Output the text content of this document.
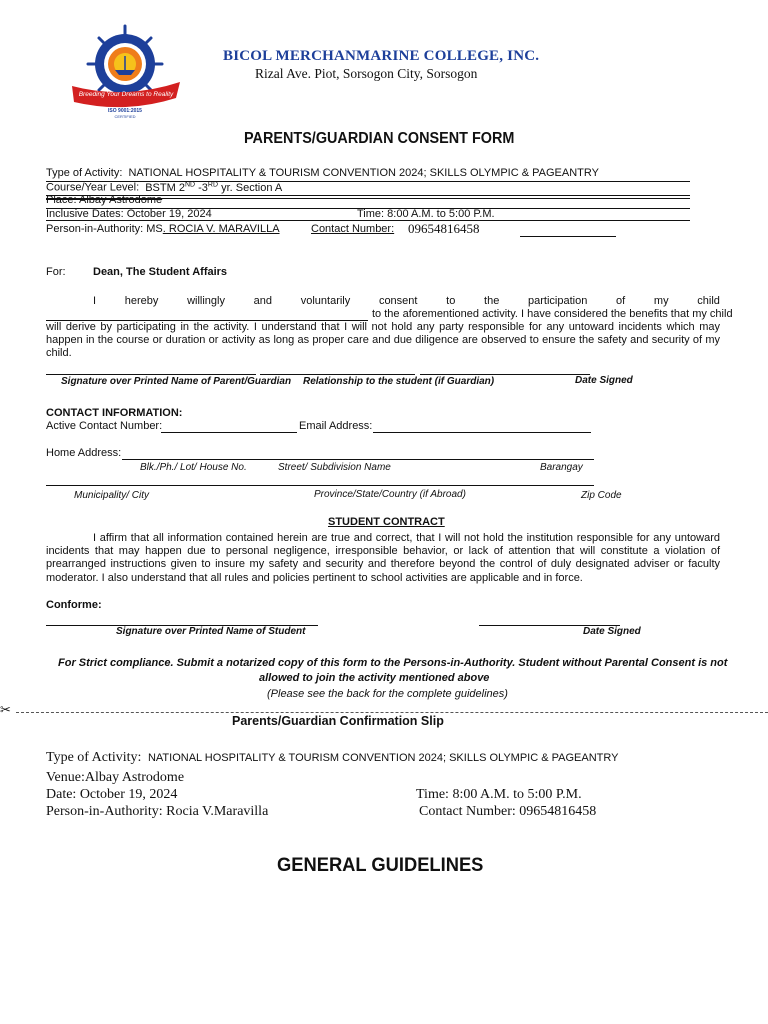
Breeding Your Dreams to Reality
ISO 9001:2015
CERTIFIED
BICOL MERCHANMARINE COLLEGE, INC.
Rizal Ave. Piot, Sorsogon City, Sorsogon
PARENTS/GUARDIAN CONSENT FORM
Type of Activity: NATIONAL HOSPITALITY & TOURISM CONVENTION 2024; SKILLS OLYMPIC & PAGEANTRY
Course/Year Level: BSTM 2ND -3RD yr. Section A
Place: Albay Astrodome
Inclusive Dates: October 19, 2024	Time: 8:00 A.M. to 5:00 P.M.
Person-in-Authority: MS. ROCIA V. MARAVILLA	Contact Number: 09654816458
For: Dean, The Student Affairs
I	hereby	willingly	and	voluntarily	consent	to	the	participation	of	my	child
to the aforementioned activity. I have considered the benefits that my child
will derive by participating in the activity. I understand that I will not hold any party responsible for any untoward incidents which may happen in the course or duration or activity as long as proper care and due diligence are observed to ensure the safety and security of my child.
Signature over Printed Name of Parent/Guardian Relationship to the student (if Guardian)	Date Signed
CONTACT INFORMATION:
Active Contact Number:	Email Address:
Home Address:
Blk./Ph./ Lot/ House No.	Street/ Subdivision Name	Barangay
Municipality/ City	Province/State/Country (if Abroad)	Zip Code
STUDENT CONTRACT
I affirm that all information contained herein are true and correct, that I will not hold the institution responsible for any untoward incidents that may happen due to personal negligence, irresponsible behavior, or lack of attention that will constitute a violation of prearranged instructions given to insure my safety and security and therefore beyond the control of duly designated adviser or faculty moderator. I also understand that all rules and policies pertinent to school activities are applicable and in force.
Conforme:
Signature over Printed Name of Student	Date Signed
For Strict compliance. Submit a notarized copy of this form to the Persons-in-Authority. Student without Parental Consent is not
allowed to join the activity mentioned above
(Please see the back for the complete guidelines)
✂
Parents/Guardian Confirmation Slip
Type of Activity: NATIONAL HOSPITALITY & TOURISM CONVENTION 2024; SKILLS OLYMPIC & PAGEANTRY
Venue:Albay Astrodome
Date: October 19, 2024	Time: 8:00 A.M. to 5:00 P.M.
Person-in-Authority: Rocia V.Maravilla	Contact Number: 09654816458
GENERAL GUIDELINES
